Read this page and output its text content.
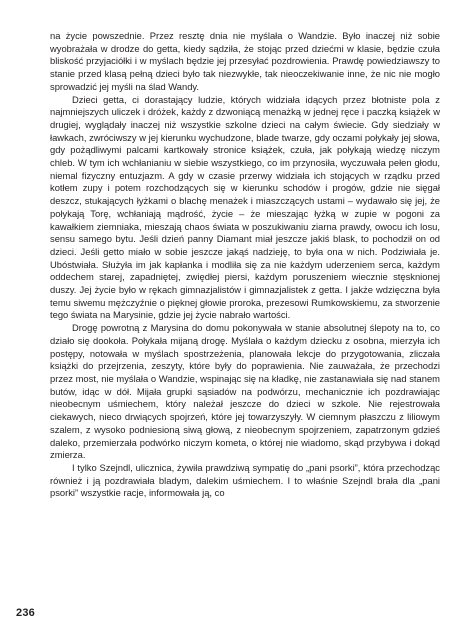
na życie powszednie. Przez resztę dnia nie myślała o Wandzie. Było inaczej niż sobie wyobrażała w drodze do getta, kiedy sądziła, że stojąc przed dziećmi w klasie, będzie czuła bliskość przyjaciółki i w myślach będzie jej przesyłać pozdrowienia. Prawdę powiedziawszy to stanie przed klasą pełną dzieci było tak niezwykłe, tak nieoczekiwanie inne, że nic nie mogło sprowadzić jej myśli na ślad Wandy.

Dzieci getta, ci dorastający ludzie, których widziała idących przez błotniste pola z najmniejszych uliczek i dróżek, każdy z dzwoniącą menażką w jednej ręce i paczką książek w drugiej, wyglądały inaczej niż wszystkie szkolne dzieci na całym świecie. Gdy siedziały w ławkach, zwróciwszy w jej kierunku wychudzone, blade twarze, gdy oczami połykały jej słowa, gdy pożądliwymi palcami kartkowały stronice książek, czuła, jak połykają wiedzę niczym chleb. W tym ich wchłanianiu w siebie wszystkiego, co im przynosiła, wyczuwała pełen głodu, niemal fizyczny entuzjazm. A gdy w czasie przerwy widziała ich stojących w rządku przed kotłem zupy i potem rozchodzących się w kierunku schodów i progów, gdzie nie sięgał deszcz, stukających łyżkami o blachę menażek i miaszczących ustami – wydawało się jej, że połykają Torę, wchłaniają mądrość, życie – że mieszając łyżką w zupie w pogoni za kawałkiem ziemniaka, mieszają chaos świata w poszukiwaniu ziarna prawdy, owocu ich losu, sensu samego bytu. Jeśli dzień panny Diamant miał jeszcze jakiś blask, to pochodził on od dzieci. Jeśli getto miało w sobie jeszcze jakąś nadzieję, to była ona w nich. Podziwiała je. Ubóstwiała. Służyła im jak kapłanka i modliła się za nie każdym uderzeniem serca, każdym oddechem starej, zapadniętej, zwiędłej piersi, każdym poruszeniem wiecznie stęsknionej duszy. Jej życie było w rękach gimnazjalistów i gimnazjalistek z getta. I jakże wdzięczna była temu siwemu mężczyźnie o pięknej głowie proroka, prezesowi Rumkowskiemu, za stworzenie tego świata na Marysinie, gdzie jej życie nabrało wartości.

Drogę powrotną z Marysina do domu pokonywała w stanie absolutnej ślepoty na to, co działo się dookoła. Połykała mijaną drogę. Myślała o każdym dziecku z osobna, mierzyła ich postępy, notowała w myślach spostrzeżenia, planowała lekcje do przygotowania, zliczała książki do przejrzenia, zeszyty, które były do poprawienia. Nie zauważała, że przechodzi przez most, nie myślała o Wandzie, wspinając się na kładkę, nie zastanawiała się nad stanem butów, idąc w dół. Mijała grupki sąsiadów na podwórzu, mechanicznie ich pozdrawiając nieobecnym uśmiechem, który należał jeszcze do dzieci w szkole. Nie rejestrowała ciekawych, nieco drwiących spojrzeń, które jej towarzyszyły. W ciemnym płaszczu z liliowym szalem, z wysoko podniesioną siwą głową, z nieobecnym spojrzeniem, zapatrzonym gdzieś daleko, przemierzała podwórko niczym kometa, o której nie wiadomo, skąd przybywa i dokąd zmierza.

I tylko Szejndl, ulicznica, żywiła prawdziwą sympatię do „pani psorki”, która przechodząc również i ją pozdrawiała bladym, dalekim uśmiechem. I to właśnie Szejndl brała dla „pani psorki” wszystkie racje, informowała ją, co

236
